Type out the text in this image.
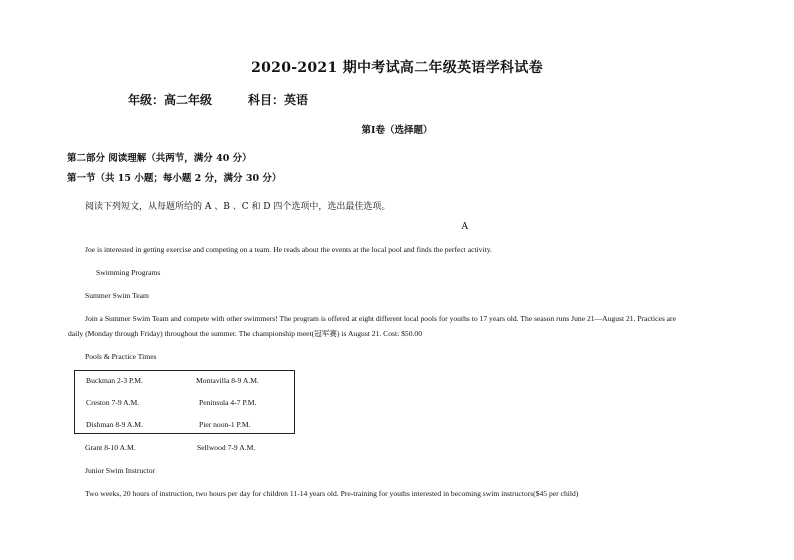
2020-2021 期中考试高二年级英语学科试卷
年级：高二年级	科目：英语
第Ⅰ卷（选择题）
第二部分 阅读理解（共两节，满分 40 分）
第一节（共 15 小题；每小题 2 分，满分 30 分）
阅读下列短文，从每题所给的 A 、B 、C 和 D 四个选项中，选出最佳选项。
A
Joe is interested in getting exercise and competing on a team. He reads about the events at the local pool and finds the perfect activity.
Swimming Programs
Summer Swim Team
Join a Summer Swim Team and compete with other swimmers! The program is offered at eight different local pools for youths to 17 years old. The season runs June 21—August 21. Practices are
daily (Monday through Friday) throughout the summer. The championship meet(冠军赛) is August 21. Cost: $50.00
Pools & Practice Times
Buckman 2-3 P.M.	Montavilla 8-9 A.M.
Creston 7-9 A.M.	Peninsula 4-7 P.M.
Dishman 8-9 A.M.	Pier noon-1 P.M.
Grant 8-10 A.M.	Sellwood 7-9 A.M.
Junior Swim Instructor
Two weeks, 20 hours of instruction, two hours per day for children 11-14 years old. Pre-training for youths interested in becoming swim instructors($45 per child)
